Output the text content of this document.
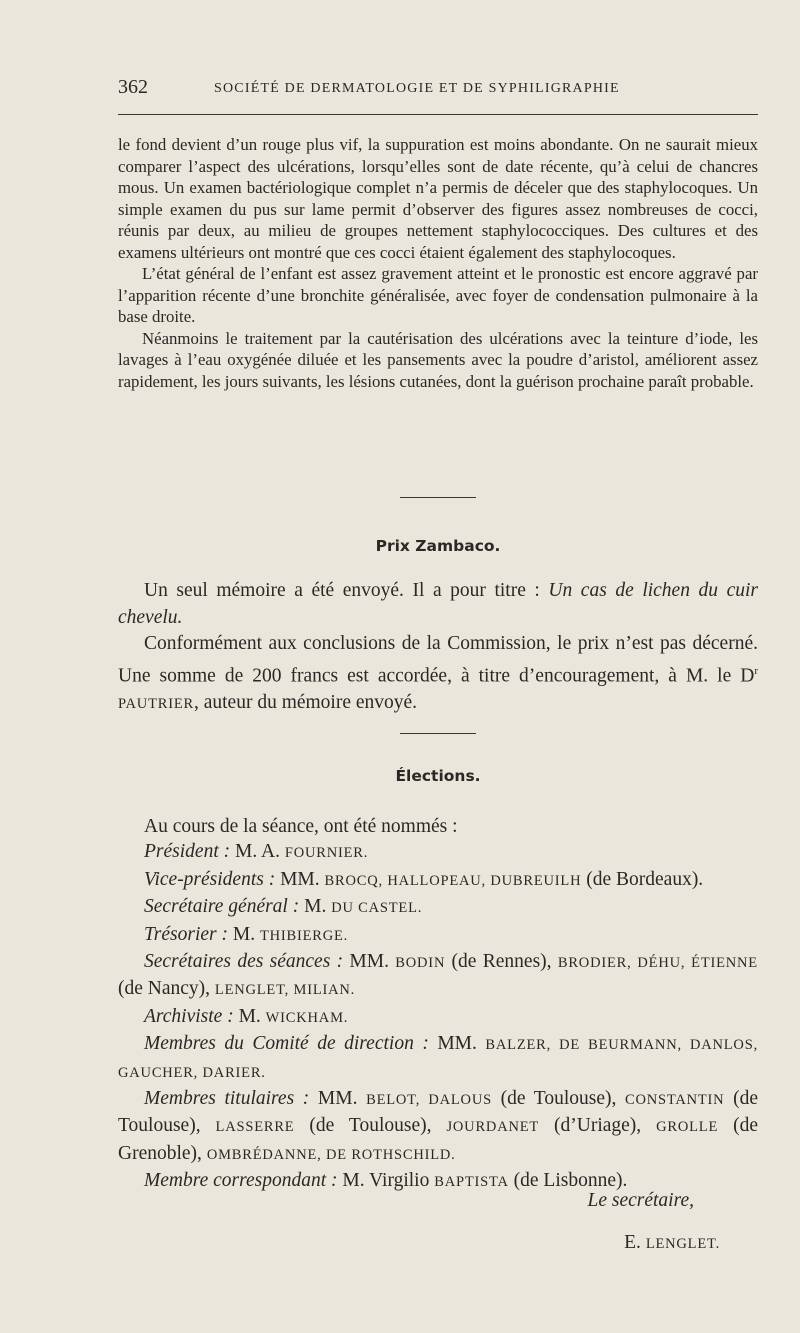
362	SOCIÉTÉ DE DERMATOLOGIE ET DE SYPHILIGRAPHIE

le fond devient d’un rouge plus vif, la suppuration est moins abondante. On ne saurait mieux comparer l’aspect des ulcérations, lorsqu’elles sont de date récente, qu’à celui de chancres mous. Un examen bactériologique complet n’a permis de déceler que des staphylocoques. Un simple examen du pus sur lame permit d’observer des figures assez nombreuses de cocci, réunis par deux, au milieu de groupes nettement staphylococciques. Des cultures et des examens ultérieurs ont montré que ces cocci étaient également des staphylocoques.

L’état général de l’enfant est assez gravement atteint et le pronostic est encore aggravé par l’apparition récente d’une bronchite généralisée, avec foyer de condensation pulmonaire à la base droite.

Néanmoins le traitement par la cautérisation des ulcérations avec la teinture d’iode, les lavages à l’eau oxygénée diluée et les pansements avec la poudre d’aristol, améliorent assez rapidement, les jours suivants, les lésions cutanées, dont la guérison prochaine paraît probable.

Prix Zambaco.

Un seul mémoire a été envoyé. Il a pour titre : Un cas de lichen du cuir chevelu.

Conformément aux conclusions de la Commission, le prix n’est pas décerné. Une somme de 200 francs est accordée, à titre d’encouragement, à M. le $D^r$ PAUTRIER, auteur du mémoire envoyé.

Élections.

Au cours de la séance, ont été nommés :

Président : M. A. FOURNIER.

Vice-présidents : MM. BROCQ, HALLOPEAU, DUBREUILH (de Bordeaux).

Secrétaire général : M. DU CASTEL.

Trésorier : M. THIBIERGE.

Secrétaires des séances : MM. BODIN (de Rennes), BRODIER, DÉHU, ÉTIENNE (de Nancy), LENGLET, MILIAN.

Archiviste : M. WICKHAM.

Membres du Comité de direction : MM. BALZER, DE BEURMANN, DANLOS, GAUCHER, DARIER.

Membres titulaires : MM. BELOT, DALOUS (de Toulouse), CONSTANTIN (de Toulouse), LASSERRE (de Toulouse), JOURDANET (d’Uriage), GROLLE (de Grenoble), OMBRÉDANNE, DE ROTHSCHILD.

Membre correspondant : M. Virgilio BAPTISTA (de Lisbonne).

Le secrétaire,
E. LENGLET.
